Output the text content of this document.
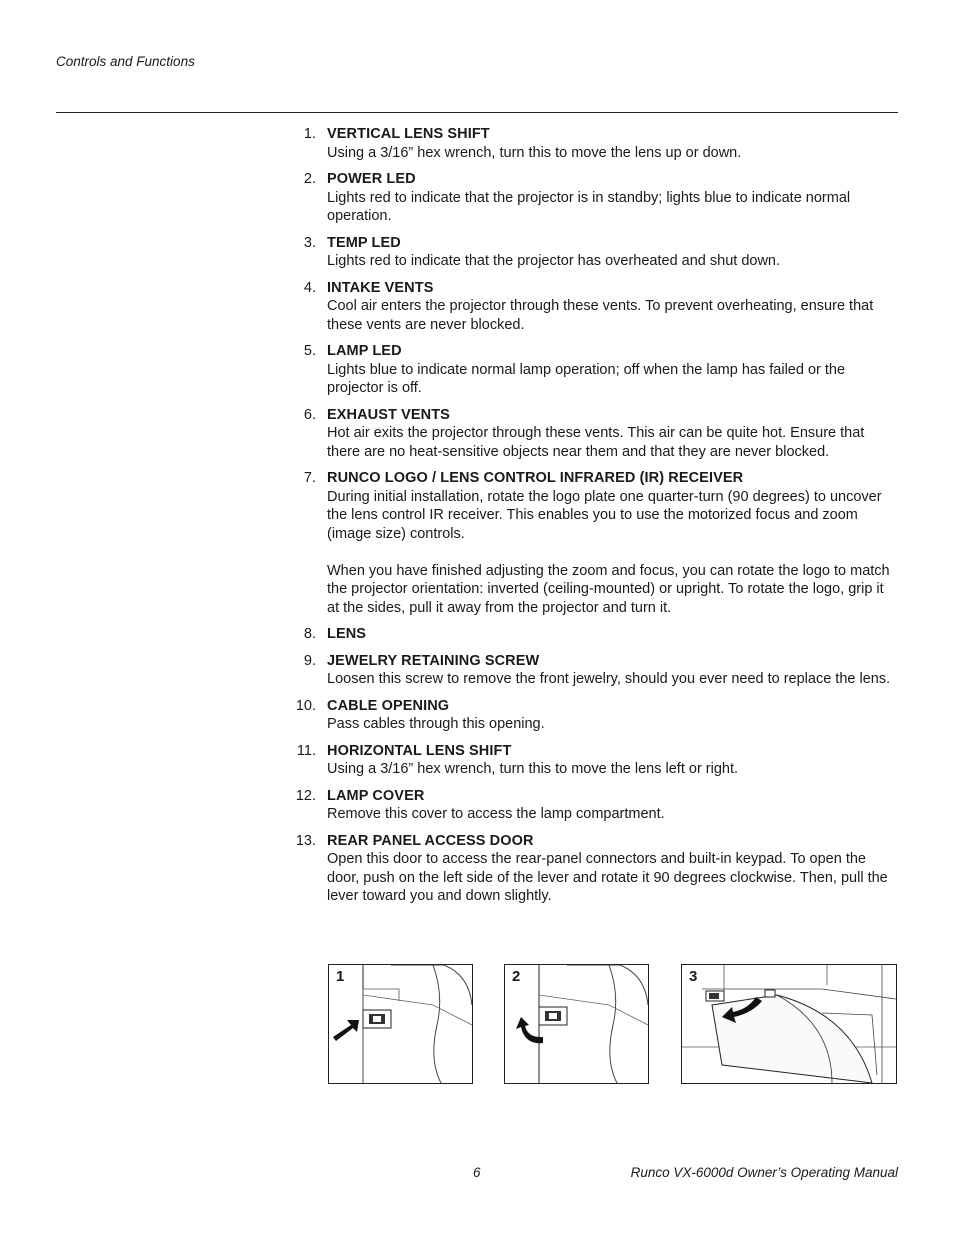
Controls and Functions
1. VERTICAL LENS SHIFT
Using a 3/16” hex wrench, turn this to move the lens up or down.
2. POWER LED
Lights red to indicate that the projector is in standby; lights blue to indicate normal operation.
3. TEMP LED
Lights red to indicate that the projector has overheated and shut down.
4. INTAKE VENTS
Cool air enters the projector through these vents. To prevent overheating, ensure that these vents are never blocked.
5. LAMP LED
Lights blue to indicate normal lamp operation; off when the lamp has failed or the projector is off.
6. EXHAUST VENTS
Hot air exits the projector through these vents. This air can be quite hot. Ensure that there are no heat-sensitive objects near them and that they are never blocked.
7. RUNCO LOGO / LENS CONTROL INFRARED (IR) RECEIVER
During initial installation, rotate the logo plate one quarter-turn (90 degrees) to uncover the lens control IR receiver. This enables you to use the motorized focus and zoom (image size) controls.
When you have finished adjusting the zoom and focus, you can rotate the logo to match the projector orientation: inverted (ceiling-mounted) or upright. To rotate the logo, grip it at the sides, pull it away from the projector and turn it.
8. LENS
9. JEWELRY RETAINING SCREW
Loosen this screw to remove the front jewelry, should you ever need to replace the lens.
10. CABLE OPENING
Pass cables through this opening.
11. HORIZONTAL LENS SHIFT
Using a 3/16” hex wrench, turn this to move the lens left or right.
12. LAMP COVER
Remove this cover to access the lamp compartment.
13. REAR PANEL ACCESS DOOR
Open this door to access the rear-panel connectors and built-in keypad. To open the door, push on the left side of the lever and rotate it 90 degrees clockwise. Then, pull the lever toward you and down slightly.
1	2	3
6	Runco VX-6000d Owner’s Operating Manual
